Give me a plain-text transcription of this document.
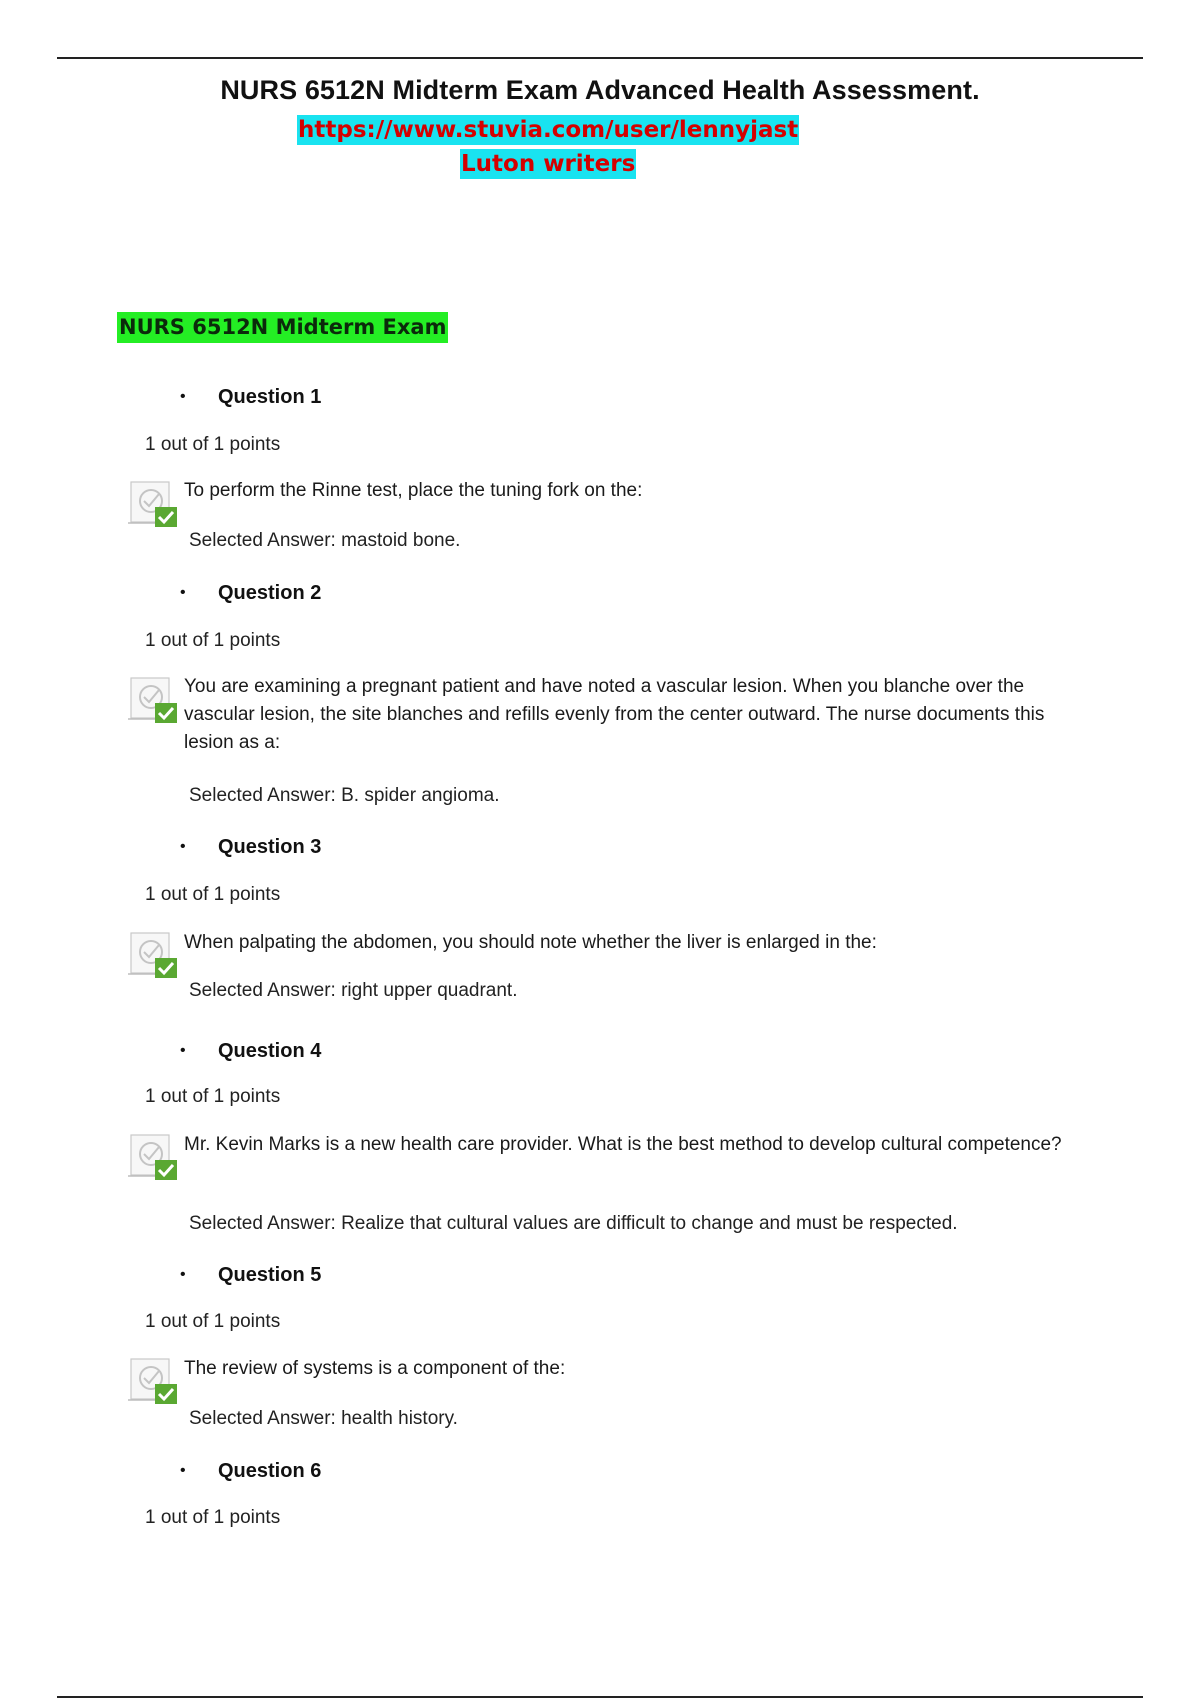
NURS 6512N Midterm Exam Advanced Health Assessment.
https://www.stuvia.com/user/lennyjast
Luton writers
NURS 6512N Midterm Exam
• Question 1
1 out of 1 points
To perform the Rinne test, place the tuning fork on the:
Selected Answer: mastoid bone.
• Question 2
1 out of 1 points
You are examining a pregnant patient and have noted a vascular lesion. When you blanche over the vascular lesion, the site blanches and refills evenly from the center outward. The nurse documents this lesion as a:
Selected Answer: B. spider angioma.
• Question 3
1 out of 1 points
When palpating the abdomen, you should note whether the liver is enlarged in the:
Selected Answer: right upper quadrant.
• Question 4
1 out of 1 points
Mr. Kevin Marks is a new health care provider. What is the best method to develop cultural competence?
Selected Answer: Realize that cultural values are difficult to change and must be respected.
• Question 5
1 out of 1 points
The review of systems is a component of the:
Selected Answer: health history.
• Question 6
1 out of 1 points
